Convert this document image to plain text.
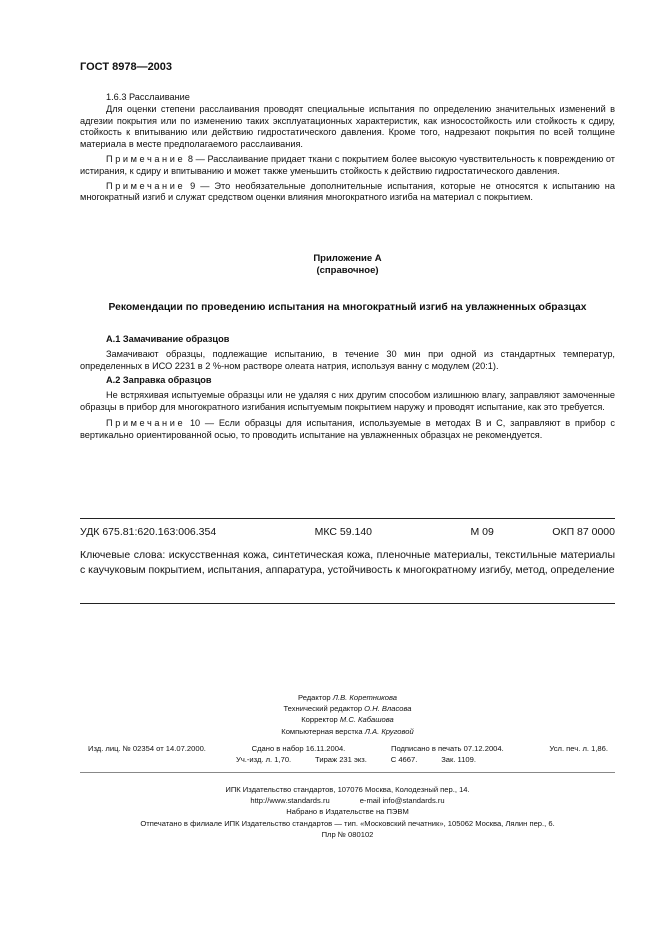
ГОСТ 8978—2003

1.6.3 Расслаивание

Для оценки степени расслаивания проводят специальные испытания по определению значительных изменений в адгезии покрытия или по изменению таких эксплуатационных характеристик, как износостойкость или стойкость к сдиру, стойкость к впитыванию или действию гидростатического давления. Кроме того, надрезают покрытия по всей толщине материала в месте предполагаемого расслаивания.

Примечание 8 — Расслаивание придает ткани с покрытием более высокую чувствительность к повреждению от истирания, к сдиру и впитыванию и может также уменьшить стойкость к действию гидростатического давления.

Примечание 9 — Это необязательные дополнительные испытания, которые не относятся к испытанию на многократный изгиб и служат средством оценки влияния многократного изгиба на материал с покрытием.

Приложение А
(справочное)
Рекомендации по проведению испытания на многократный изгиб на увлажненных образцах

А.1 Замачивание образцов

Замачивают образцы, подлежащие испытанию, в течение 30 мин при одной из стандартных температур, определенных в ИСО 2231 в 2 %-ном растворе олеата натрия, используя ванну с модулем (20:1).

А.2 Заправка образцов

Не встряхивая испытуемые образцы или не удаляя с них другим способом излишнюю влагу, заправляют замоченные образцы в прибор для многократного изгибания испытуемым покрытием наружу и проводят испытание, как это требуется.

Примечание 10 — Если образцы для испытания, используемые в методах В и С, заправляют в прибор с вертикально ориентированной осью, то проводить испытание на увлажненных образцах не рекомендуется.

УДК 675.81:620.163:006.354	МКС 59.140	М 09	ОКП 87 0000

Ключевые слова: искусственная кожа, синтетическая кожа, пленочные материалы, текстильные материалы с каучуковым покрытием, испытания, аппаратура, устойчивость к многократному изгибу, метод, определение

Редактор Л.В. Коретникова
Технический редактор О.Н. Власова
Корректор М.С. Кабашова
Компьютерная верстка Л.А. Круговой
Изд. лиц. № 02354 от 14.07.2000.	Сдано в набор 16.11.2004.	Подписано в печать 07.12.2004.	Усл. печ. л. 1,86.
Уч.-изд. л. 1,70.	Тираж 231 экз.	С 4667.	Зак. 1109.
ИПК Издательство стандартов, 107076 Москва, Колодезный пер., 14.
http://www.standards.ru	e-mail info@standards.ru
Набрано в Издательстве на ПЭВМ
Отпечатано в филиале ИПК Издательство стандартов — тип. «Московский печатник», 105062 Москва, Лялин пер., 6.
Плр № 080102
